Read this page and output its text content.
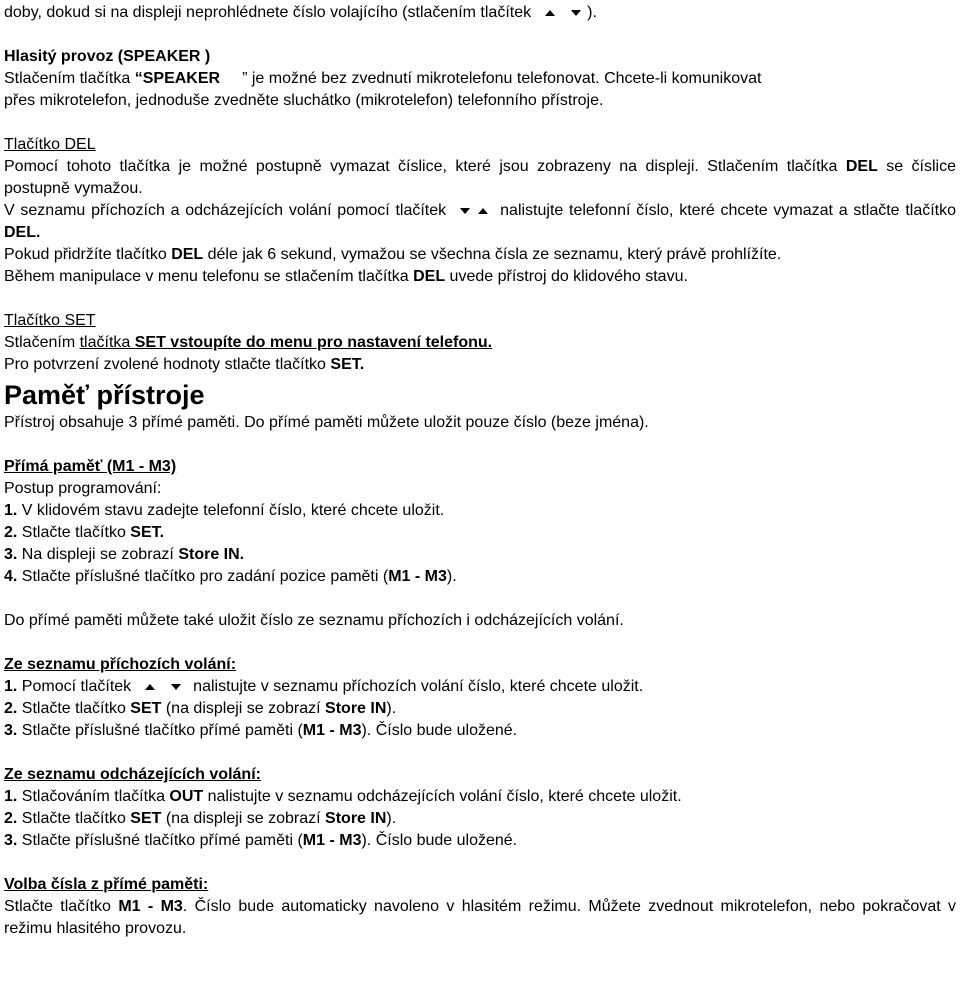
doby, dokud si na displeji neprohlédnete číslo volajícího (stlačením tlačítek	).

Hlasitý provoz (SPEAKER )

Stlačením tlačítka “SPEAKER ” je možné bez zvednutí mikrotelefonu telefonovat. Chcete-li komunikovat

přes mikrotelefon, jednoduše zvedněte sluchátko (mikrotelefon) telefonního přístroje.

Tlačítko DEL

Pomocí tohoto tlačítka je možné postupně vymazat číslice, které jsou zobrazeny na displeji. Stlačením tlačítka DEL se číslice postupně vymažou.

V seznamu příchozích a odcházejících volání pomocí tlačítek	nalistujte telefonní číslo, které chcete vymazat a stlačte tlačítko DEL.

Pokud přidržíte tlačítko DEL déle jak 6 sekund, vymažou se všechna čísla ze seznamu, který právě prohlížíte.

Během manipulace v menu telefonu se stlačením tlačítka DEL uvede přístroj do klidového stavu.

Tlačítko SET

Stlačením tlačítka SET vstoupíte do menu pro nastavení telefonu.

Pro potvrzení zvolené hodnoty stlačte tlačítko SET.

Paměť přístroje

Přístroj obsahuje 3 přímé paměti. Do přímé paměti můžete uložit pouze číslo (beze jména).

Přímá paměť (M1 - M3)

Postup programování:

1. V klidovém stavu zadejte telefonní číslo, které chcete uložit.

2. Stlačte tlačítko SET.

3. Na displeji se zobrazí Store IN.

4. Stlačte příslušné tlačítko pro zadání pozice paměti (M1 - M3).

Do přímé paměti můžete také uložit číslo ze seznamu příchozích i odcházejících volání.

Ze seznamu příchozích volání:

1. Pomocí tlačítek	nalistujte v seznamu příchozích volání číslo, které chcete uložit.

2. Stlačte tlačítko SET (na displeji se zobrazí Store IN).

3. Stlačte příslušné tlačítko přímé paměti (M1 - M3). Číslo bude uložené.

Ze seznamu odcházejících volání:

1. Stlačováním tlačítka OUT nalistujte v seznamu odcházejících volání číslo, které chcete uložit.

2. Stlačte tlačítko SET (na displeji se zobrazí Store IN).

3. Stlačte příslušné tlačítko přímé paměti (M1 - M3). Číslo bude uložené.

Volba čísla z přímé paměti:

Stlačte tlačítko M1 - M3. Číslo bude automaticky navoleno v hlasitém režimu. Můžete zvednout mikrotelefon, nebo pokračovat v režimu hlasitého provozu.
